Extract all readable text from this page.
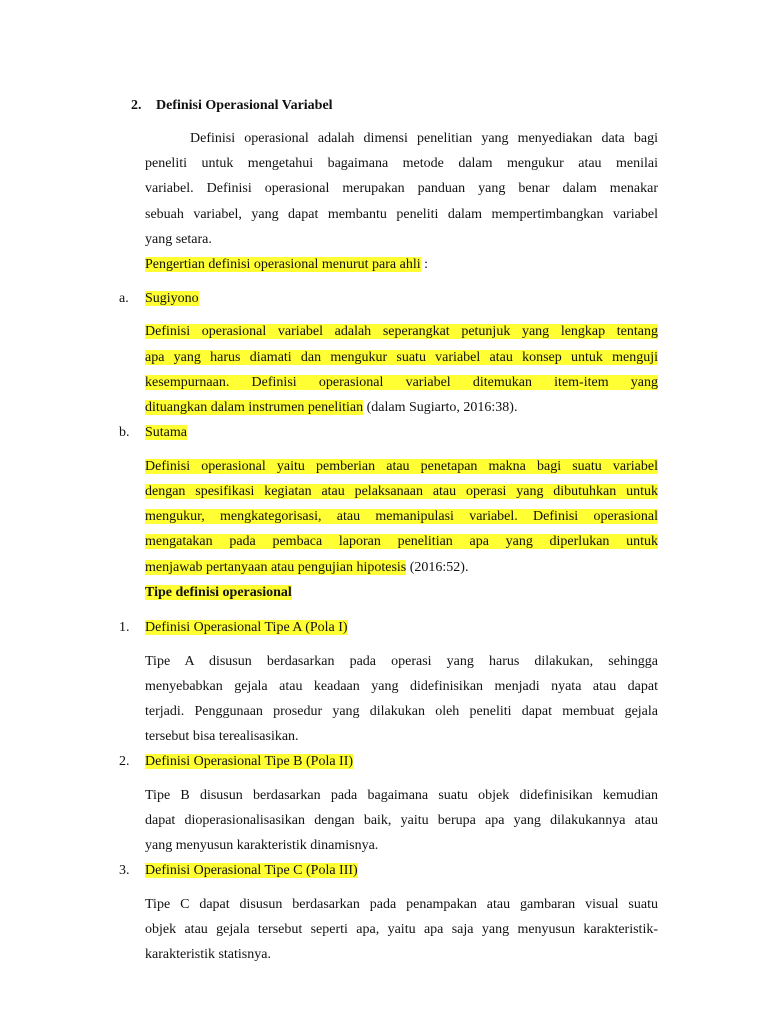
2. Definisi Operasional Variabel
Definisi operasional adalah dimensi penelitian yang menyediakan data bagi
peneliti untuk mengetahui bagaimana metode dalam mengukur atau menilai
variabel. Definisi operasional merupakan panduan yang benar dalam menakar
sebuah variabel, yang dapat membantu peneliti dalam mempertimbangkan variabel
yang setara.
Pengertian definisi operasional menurut para ahli :
a. Sugiyono
Definisi operasional variabel adalah seperangkat petunjuk yang lengkap tentang
apa yang harus diamati dan mengukur suatu variabel atau konsep untuk menguji
kesempurnaan. Definisi operasional variabel ditemukan item-item yang
dituangkan dalam instrumen penelitian (dalam Sugiarto, 2016:38).
b. Sutama
Definisi operasional yaitu pemberian atau penetapan makna bagi suatu variabel
dengan spesifikasi kegiatan atau pelaksanaan atau operasi yang dibutuhkan untuk
mengukur, mengkategorisasi, atau memanipulasi variabel. Definisi operasional
mengatakan pada pembaca laporan penelitian apa yang diperlukan untuk
menjawab pertanyaan atau pengujian hipotesis (2016:52).
Tipe definisi operasional
1. Definisi Operasional Tipe A (Pola I)
Tipe A disusun berdasarkan pada operasi yang harus dilakukan, sehingga
menyebabkan gejala atau keadaan yang didefinisikan menjadi nyata atau dapat
terjadi. Penggunaan prosedur yang dilakukan oleh peneliti dapat membuat gejala
tersebut bisa terealisasikan.
2. Definisi Operasional Tipe B (Pola II)
Tipe B disusun berdasarkan pada bagaimana suatu objek didefinisikan kemudian
dapat dioperasionalisasikan dengan baik, yaitu berupa apa yang dilakukannya atau
yang menyusun karakteristik dinamisnya.
3. Definisi Operasional Tipe C (Pola III)
Tipe C dapat disusun berdasarkan pada penampakan atau gambaran visual suatu
objek atau gejala tersebut seperti apa, yaitu apa saja yang menyusun karakteristik-
karakteristik statisnya.
